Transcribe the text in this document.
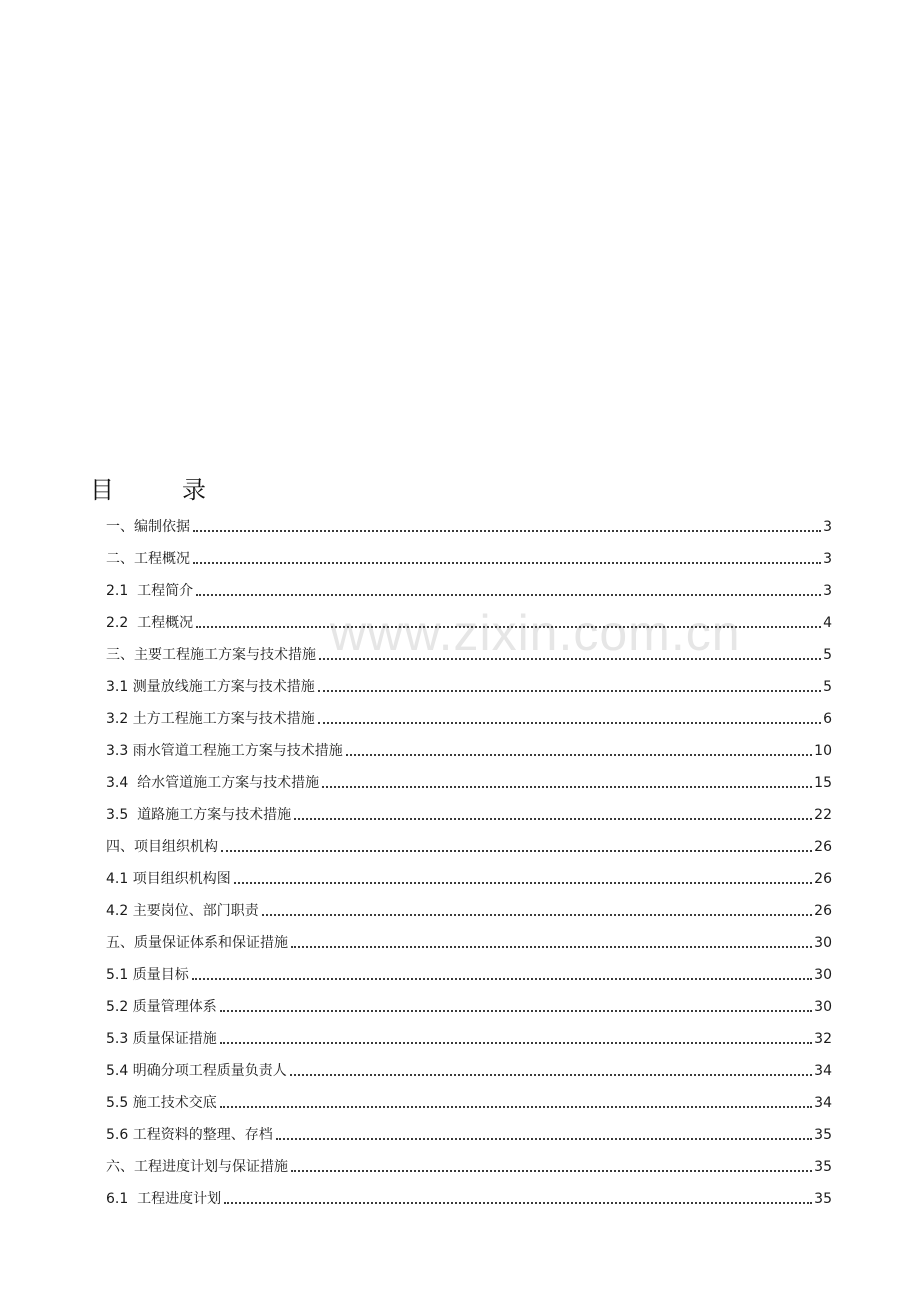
www.zixin.com.cn
目　录
一、编制依据	3
二、工程概况	3
2.1  工程简介	3
2.2  工程概况	4
三、主要工程施工方案与技术措施	5
3.1 测量放线施工方案与技术措施	5
3.2 土方工程施工方案与技术措施	6
3.3 雨水管道工程施工方案与技术措施	10
3.4  给水管道施工方案与技术措施	15
3.5  道路施工方案与技术措施	22
四、项目组织机构	26
4.1 项目组织机构图	26
4.2 主要岗位、部门职责	26
五、质量保证体系和保证措施	30
5.1 质量目标	30
5.2 质量管理体系	30
5.3 质量保证措施	32
5.4 明确分项工程质量负责人	34
5.5 施工技术交底	34
5.6 工程资料的整理、存档	35
六、工程进度计划与保证措施	35
6.1  工程进度计划	35
